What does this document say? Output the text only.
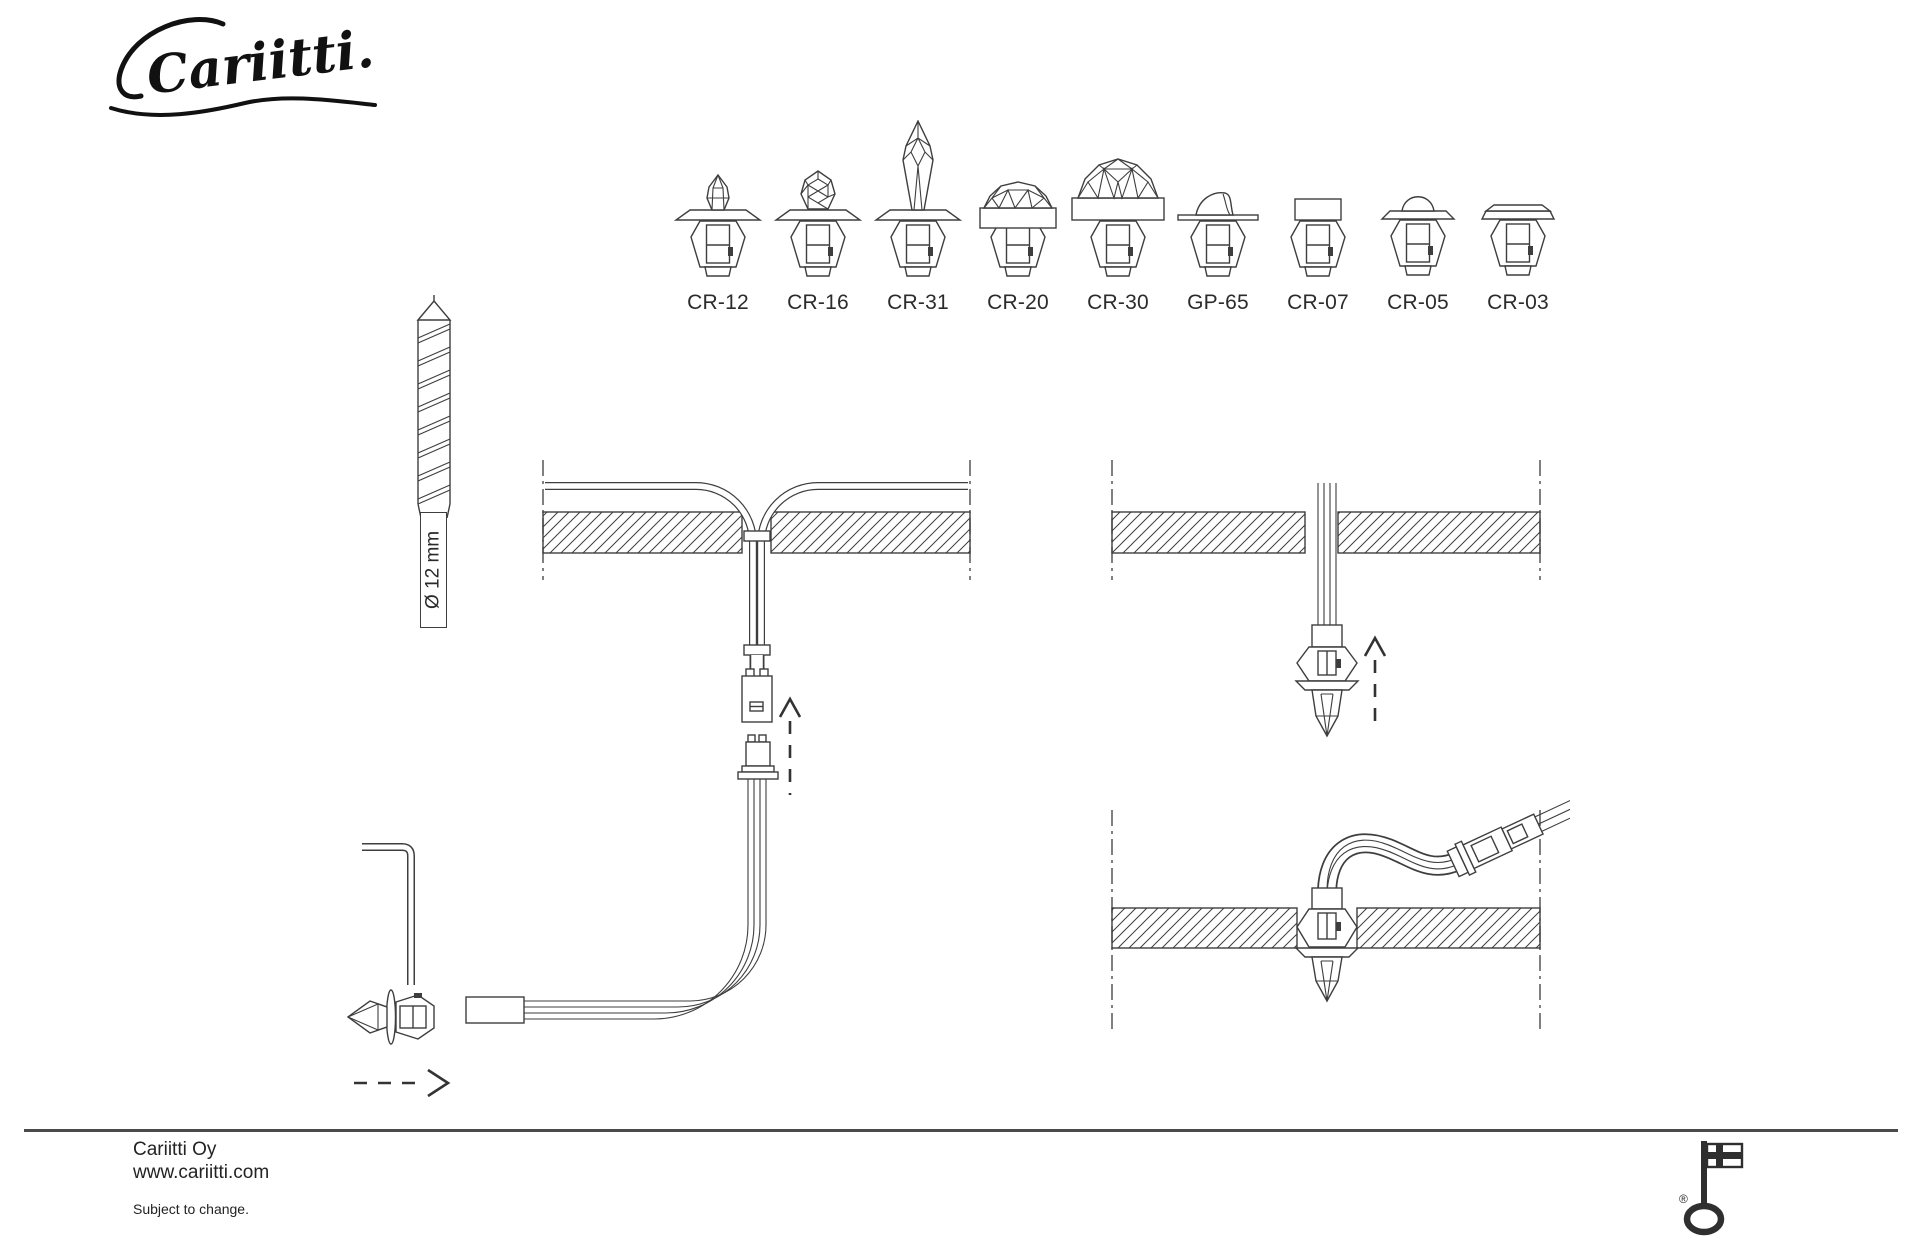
Cariitti.
CR-12 CR-16 CR-31 CR-20 CR-30 GP-65 CR-07 CR-05 CR-03
Ø 12 mm
Cariitti Oy
www.cariitti.com
Subject to change.
®
